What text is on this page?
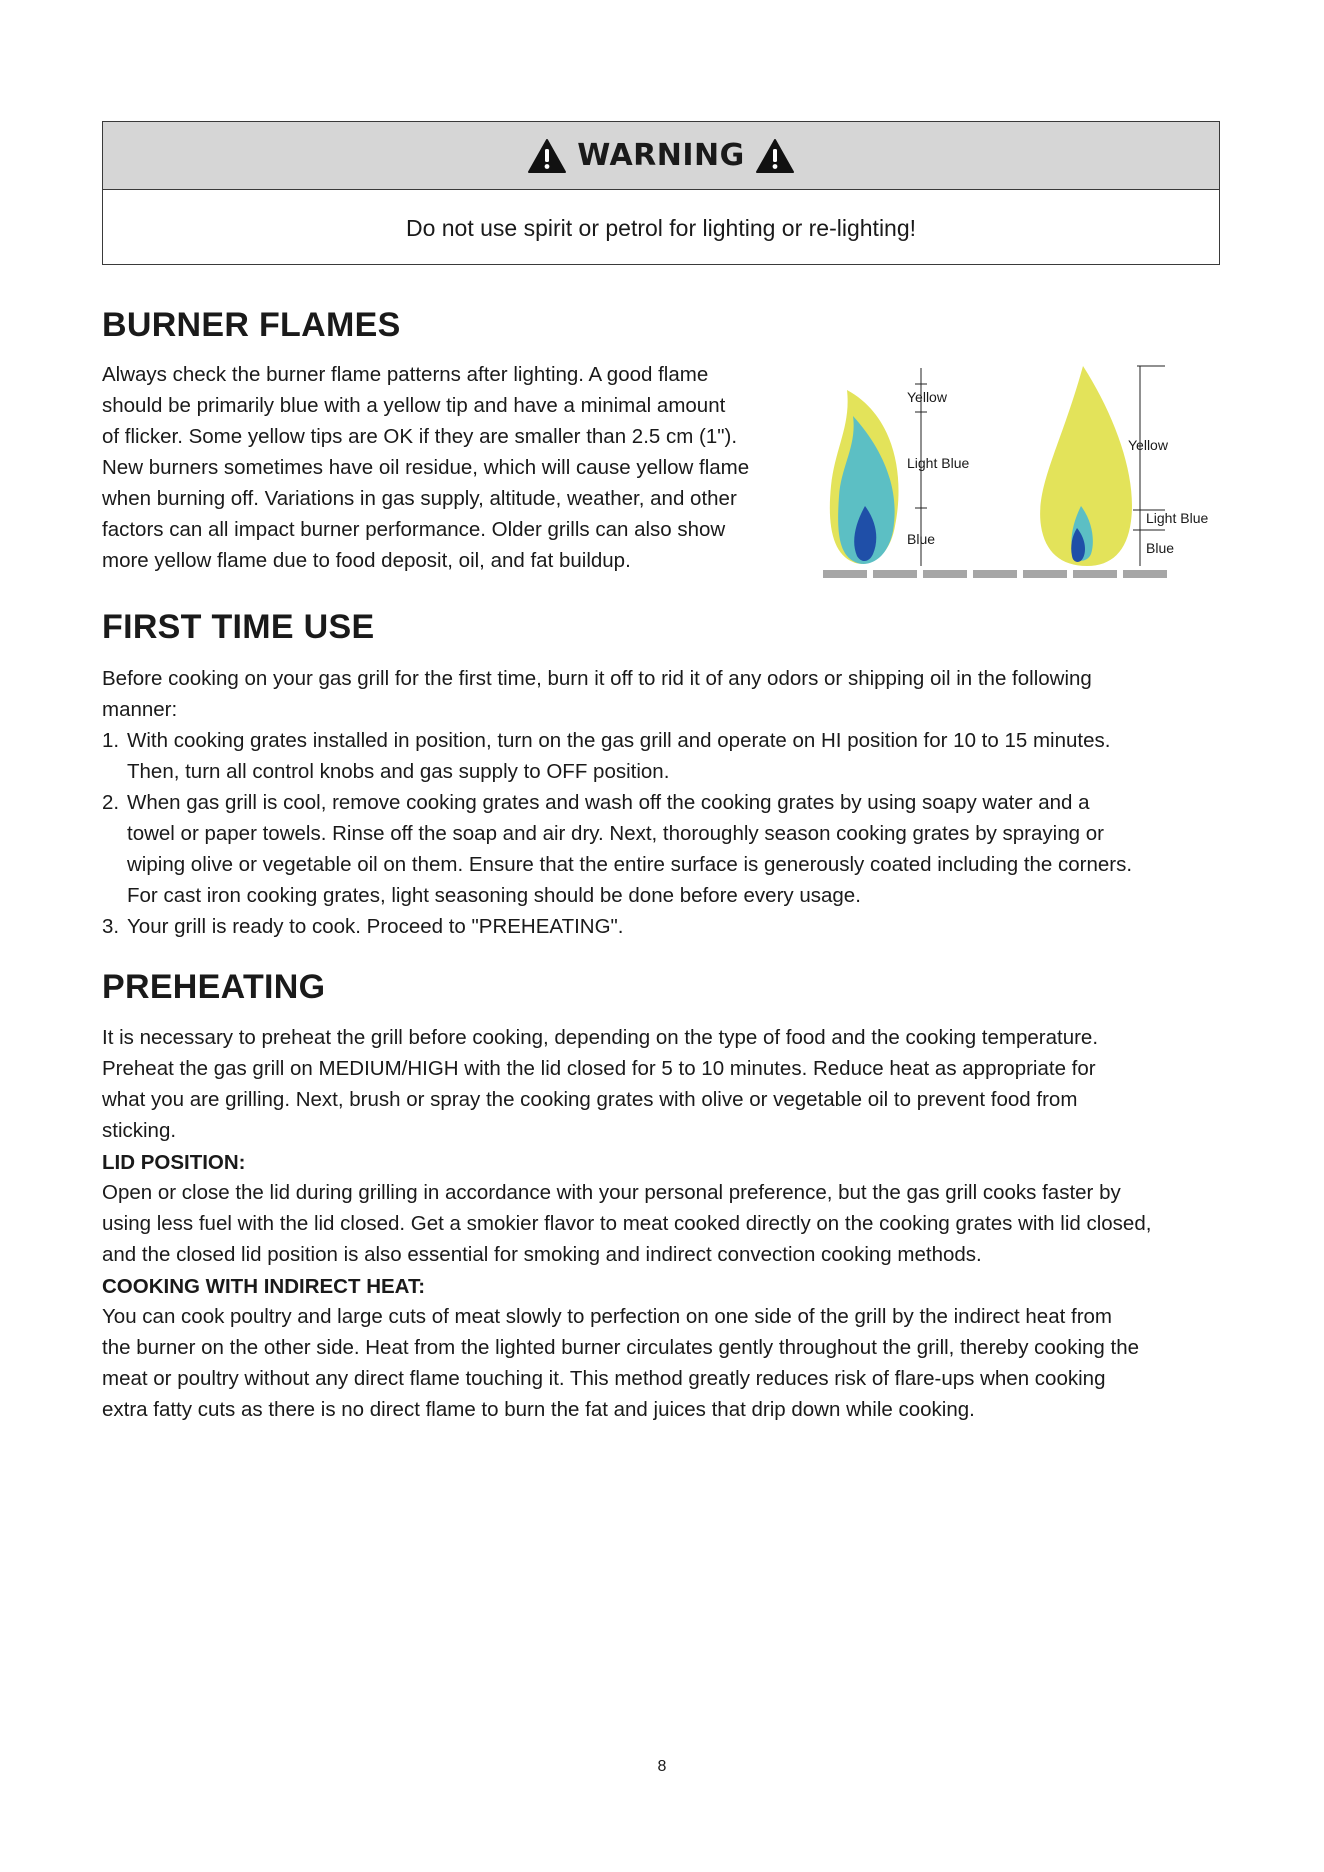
WARNING
Do not use spirit or petrol for lighting or re-lighting!
BURNER FLAMES

Always check the burner flame patterns after lighting. A good flame
should be primarily blue with a yellow tip and have a minimal amount
of flicker. Some yellow tips are OK if they are smaller than 2.5 cm (1").
New burners sometimes have oil residue, which will cause yellow flame
when burning off. Variations in gas supply, altitude, weather, and other
factors can all impact burner performance. Older grills can also show
more yellow flame due to food deposit, oil, and fat buildup.

Yellow
Light Blue
Blue
Yellow
Light Blue
Blue
FIRST TIME USE

Before cooking on your gas grill for the first time, burn it off to rid it of any odors or shipping oil in the following
manner:

1. With cooking grates installed in position, turn on the gas grill and operate on HI position for 10 to 15 minutes.
Then, turn all control knobs and gas supply to OFF position.
2. When gas grill is cool, remove cooking grates and wash off the cooking grates by using soapy water and a
towel or paper towels. Rinse off the soap and air dry. Next, thoroughly season cooking grates by spraying or
wiping olive or vegetable oil on them. Ensure that the entire surface is generously coated including the corners.
For cast iron cooking grates, light seasoning should be done before every usage.
3. Your grill is ready to cook. Proceed to "PREHEATING".
PREHEATING

It is necessary to preheat the grill before cooking, depending on the type of food and the cooking temperature.
Preheat the gas grill on MEDIUM/HIGH with the lid closed for 5 to 10 minutes. Reduce heat as appropriate for
what you are grilling. Next, brush or spray the cooking grates with olive or vegetable oil to prevent food from
sticking.

LID POSITION:

Open or close the lid during grilling in accordance with your personal preference, but the gas grill cooks faster by
using less fuel with the lid closed. Get a smokier flavor to meat cooked directly on the cooking grates with lid closed,
and the closed lid position is also essential for smoking and indirect convection cooking methods.

COOKING WITH INDIRECT HEAT:

You can cook poultry and large cuts of meat slowly to perfection on one side of the grill by the indirect heat from
the burner on the other side. Heat from the lighted burner circulates gently throughout the grill, thereby cooking the
meat or poultry without any direct flame touching it. This method greatly reduces risk of flare-ups when cooking
extra fatty cuts as there is no direct flame to burn the fat and juices that drip down while cooking.

8
